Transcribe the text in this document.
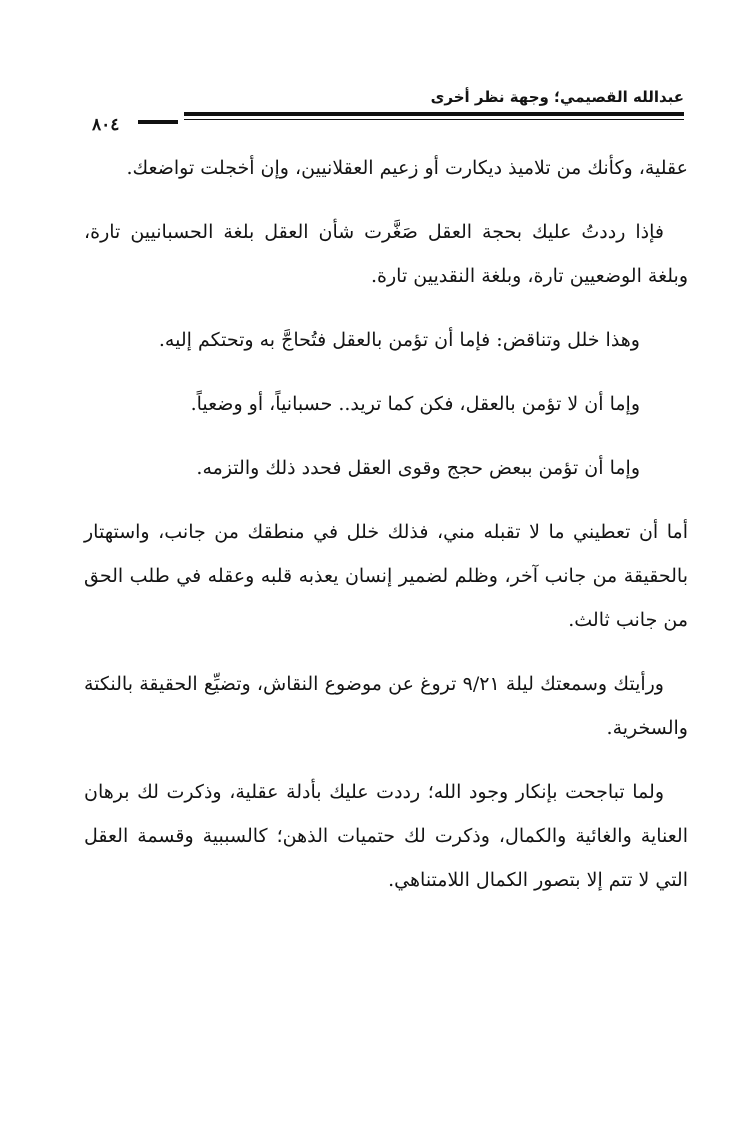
عبدالله القصيمي؛ وجهة نظر أخرى
٨٠٤

عقلية، وكأنك من تلاميذ ديكارت أو زعيم العقلانيين، وإن أخجلت تواضعك.

فإذا رددتُ عليك بحجة العقل صَغَّرت شأن العقل بلغة الحسبانيين تارة، وبلغة الوضعيين تارة، وبلغة النقديين تارة.

وهذا خلل وتناقض: فإما أن تؤمن بالعقل فتُحاجَّ به وتحتكم إليه.

وإما أن لا تؤمن بالعقل، فكن كما تريد.. حسبانياً، أو وضعياً.

وإما أن تؤمن ببعض حجج وقوى العقل فحدد ذلك والتزمه.

أما أن تعطيني ما لا تقبله مني، فذلك خلل في منطقك من جانب، واستهتار بالحقيقة من جانب آخر، وظلم لضمير إنسان يعذبه قلبه وعقله في طلب الحق من جانب ثالث.

ورأيتك وسمعتك ليلة ٩/٢١ تروغ عن موضوع النقاش، وتضيِّع الحقيقة بالنكتة والسخرية.

ولما تباجحت بإنكار وجود الله؛ رددت عليك بأدلة عقلية، وذكرت لك برهان العناية والغائية والكمال، وذكرت لك حتميات الذهن؛ كالسببية وقسمة العقل التي لا تتم إلا بتصور الكمال اللامتناهي.
